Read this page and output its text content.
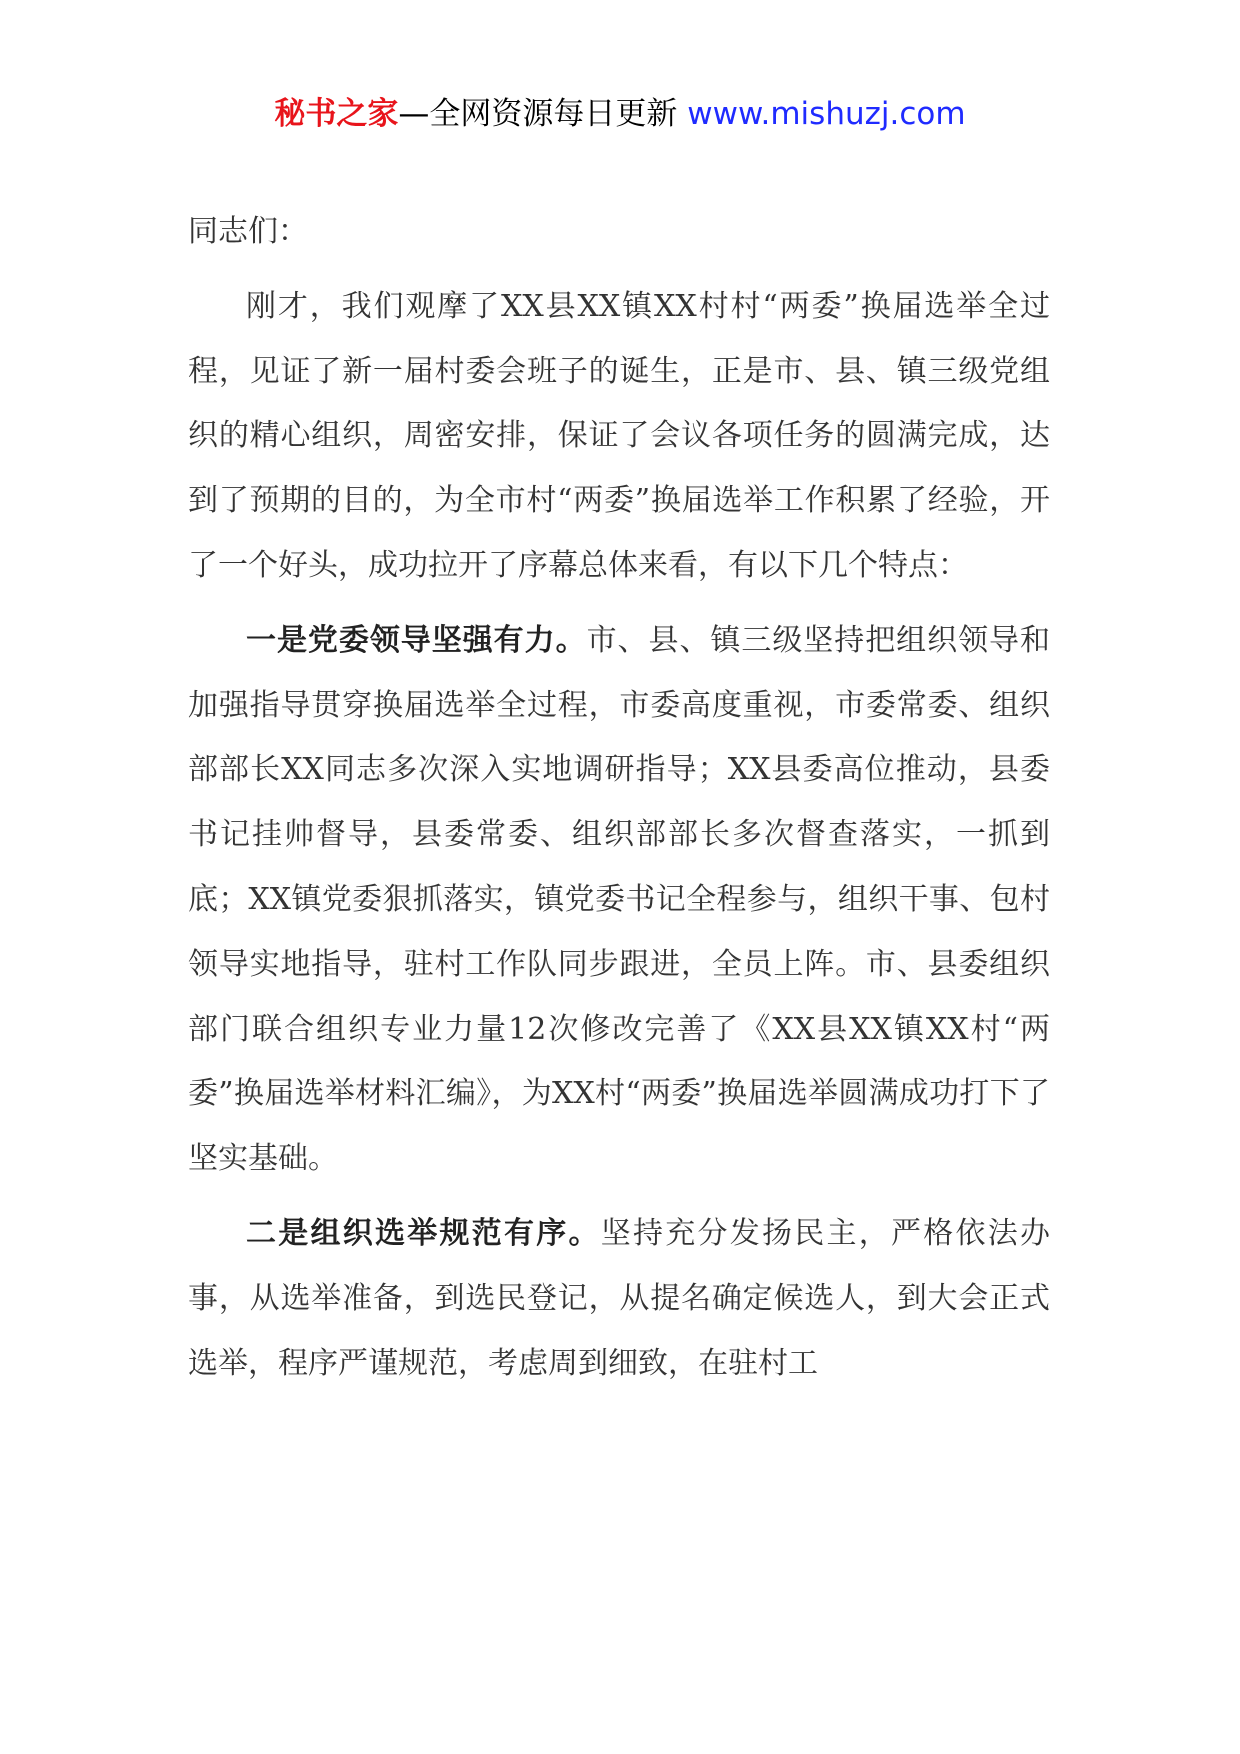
秘书之家—全网资源每日更新 www.mishuzj.com

同志们：

刚才，我们观摩了XX县XX镇XX村村“两委”换届选举全过程，见证了新一届村委会班子的诞生，正是市、县、镇三级党组织的精心组织，周密安排，保证了会议各项任务的圆满完成，达到了预期的目的，为全市村“两委”换届选举工作积累了经验，开了一个好头，成功拉开了序幕总体来看，有以下几个特点：

一是党委领导坚强有力。市、县、镇三级坚持把组织领导和加强指导贯穿换届选举全过程，市委高度重视，市委常委、组织部部长XX同志多次深入实地调研指导；XX县委高位推动，县委书记挂帅督导，县委常委、组织部部长多次督查落实，一抓到底；XX镇党委狠抓落实，镇党委书记全程参与，组织干事、包村领导实地指导，驻村工作队同步跟进，全员上阵。市、县委组织部门联合组织专业力量12次修改完善了《XX县XX镇XX村“两委”换届选举材料汇编》，为XX村“两委”换届选举圆满成功打下了坚实基础。

二是组织选举规范有序。坚持充分发扬民主，严格依法办事，从选举准备，到选民登记，从提名确定候选人，到大会正式选举，程序严谨规范，考虑周到细致，在驻村工
